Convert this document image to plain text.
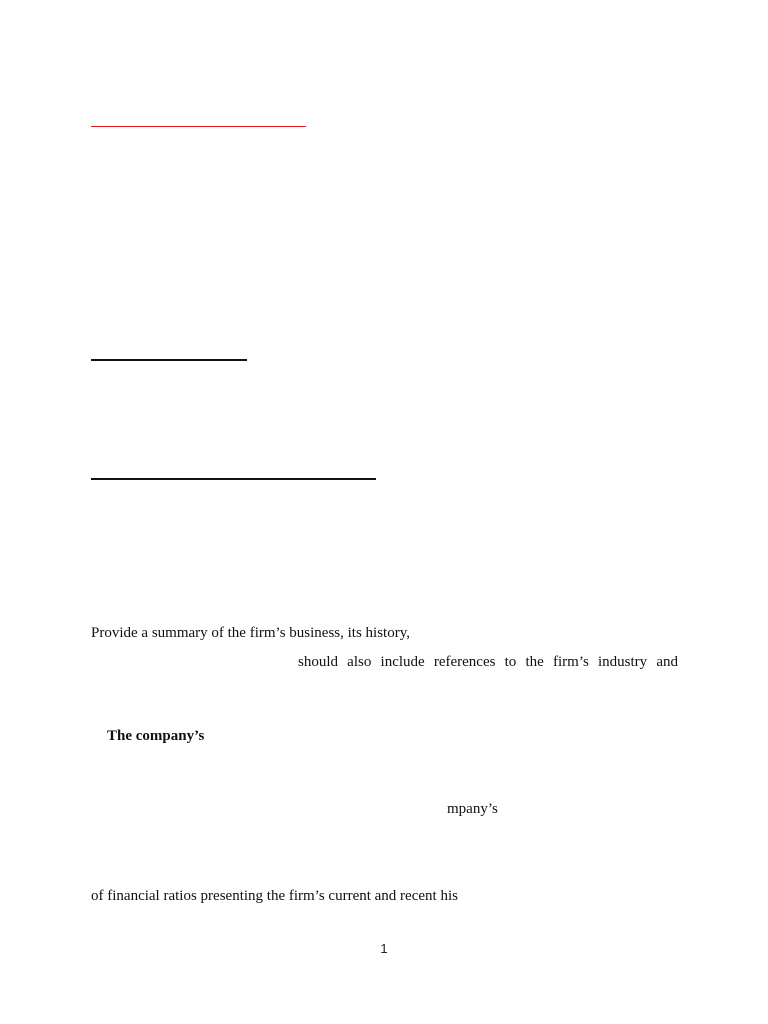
Provide a summary of the firm’s business, its history,
should also include references to the firm’s industry and
The company’s
mpany’s
of financial ratios presenting the firm’s current and recent his
1
